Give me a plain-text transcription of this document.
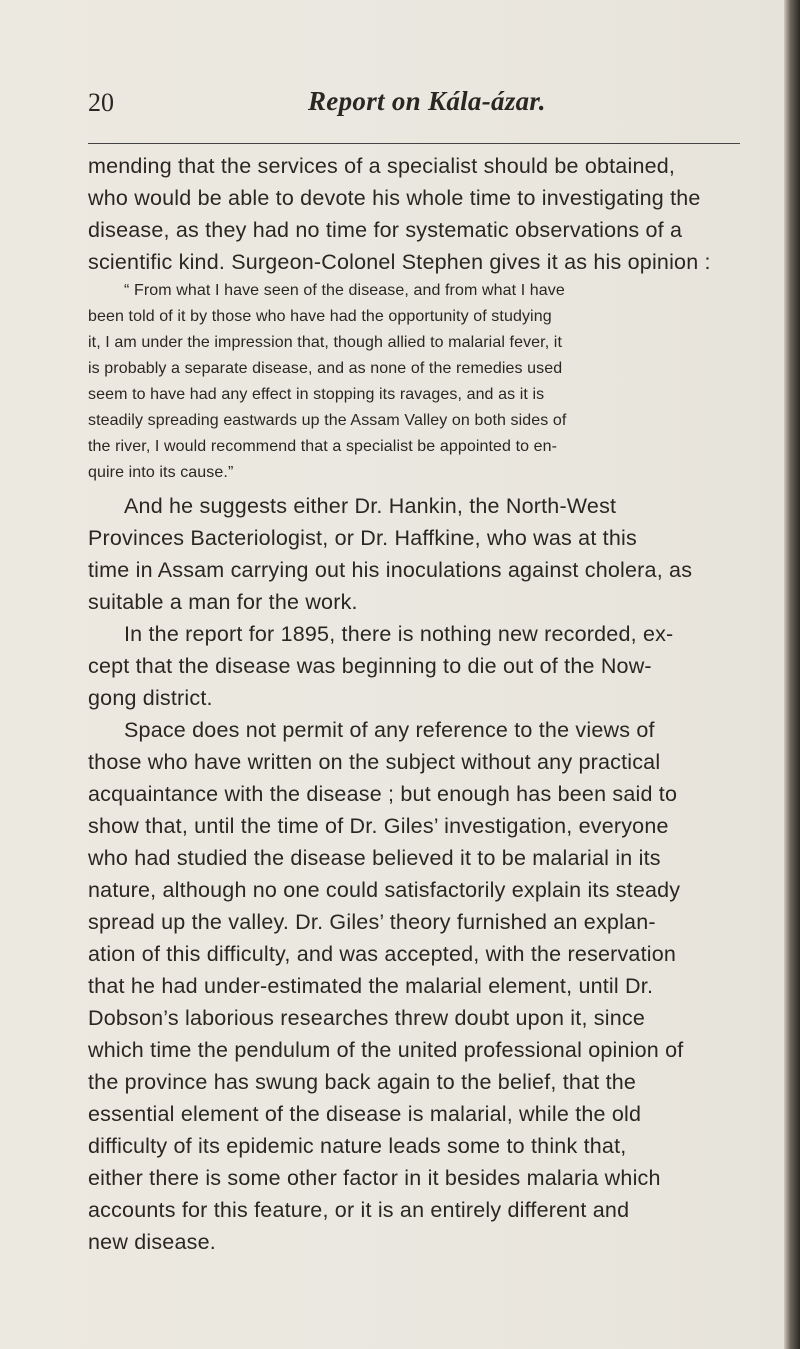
20	Report on Kála-ázar.
mending that the services of a specialist should be obtained,
who would be able to devote his whole time to investigating the
disease, as they had no time for systematic observations of a
scientific kind. Surgeon-Colonel Stephen gives it as his opinion :
“ From what I have seen of the disease, and from what I have
been told of it by those who have had the opportunity of studying
it, I am under the impression that, though allied to malarial fever, it
is probably a separate disease, and as none of the remedies used
seem to have had any effect in stopping its ravages, and as it is
steadily spreading eastwards up the Assam Valley on both sides of
the river, I would recommend that a specialist be appointed to en-
quire into its cause.”
And he suggests either Dr. Hankin, the North-West
Provinces Bacteriologist, or Dr. Haffkine, who was at this
time in Assam carrying out his inoculations against cholera, as
suitable a man for the work.
In the report for 1895, there is nothing new recorded, ex-
cept that the disease was beginning to die out of the Now-
gong district.
Space does not permit of any reference to the views of
those who have written on the subject without any practical
acquaintance with the disease ; but enough has been said to
show that, until the time of Dr. Giles’ investigation, everyone
who had studied the disease believed it to be malarial in its
nature, although no one could satisfactorily explain its steady
spread up the valley. Dr. Giles’ theory furnished an explan-
ation of this difficulty, and was accepted, with the reservation
that he had under-estimated the malarial element, until Dr.
Dobson’s laborious researches threw doubt upon it, since
which time the pendulum of the united professional opinion of
the province has swung back again to the belief, that the
essential element of the disease is malarial, while the old
difficulty of its epidemic nature leads some to think that,
either there is some other factor in it besides malaria which
accounts for this feature, or it is an entirely different and
new disease.
